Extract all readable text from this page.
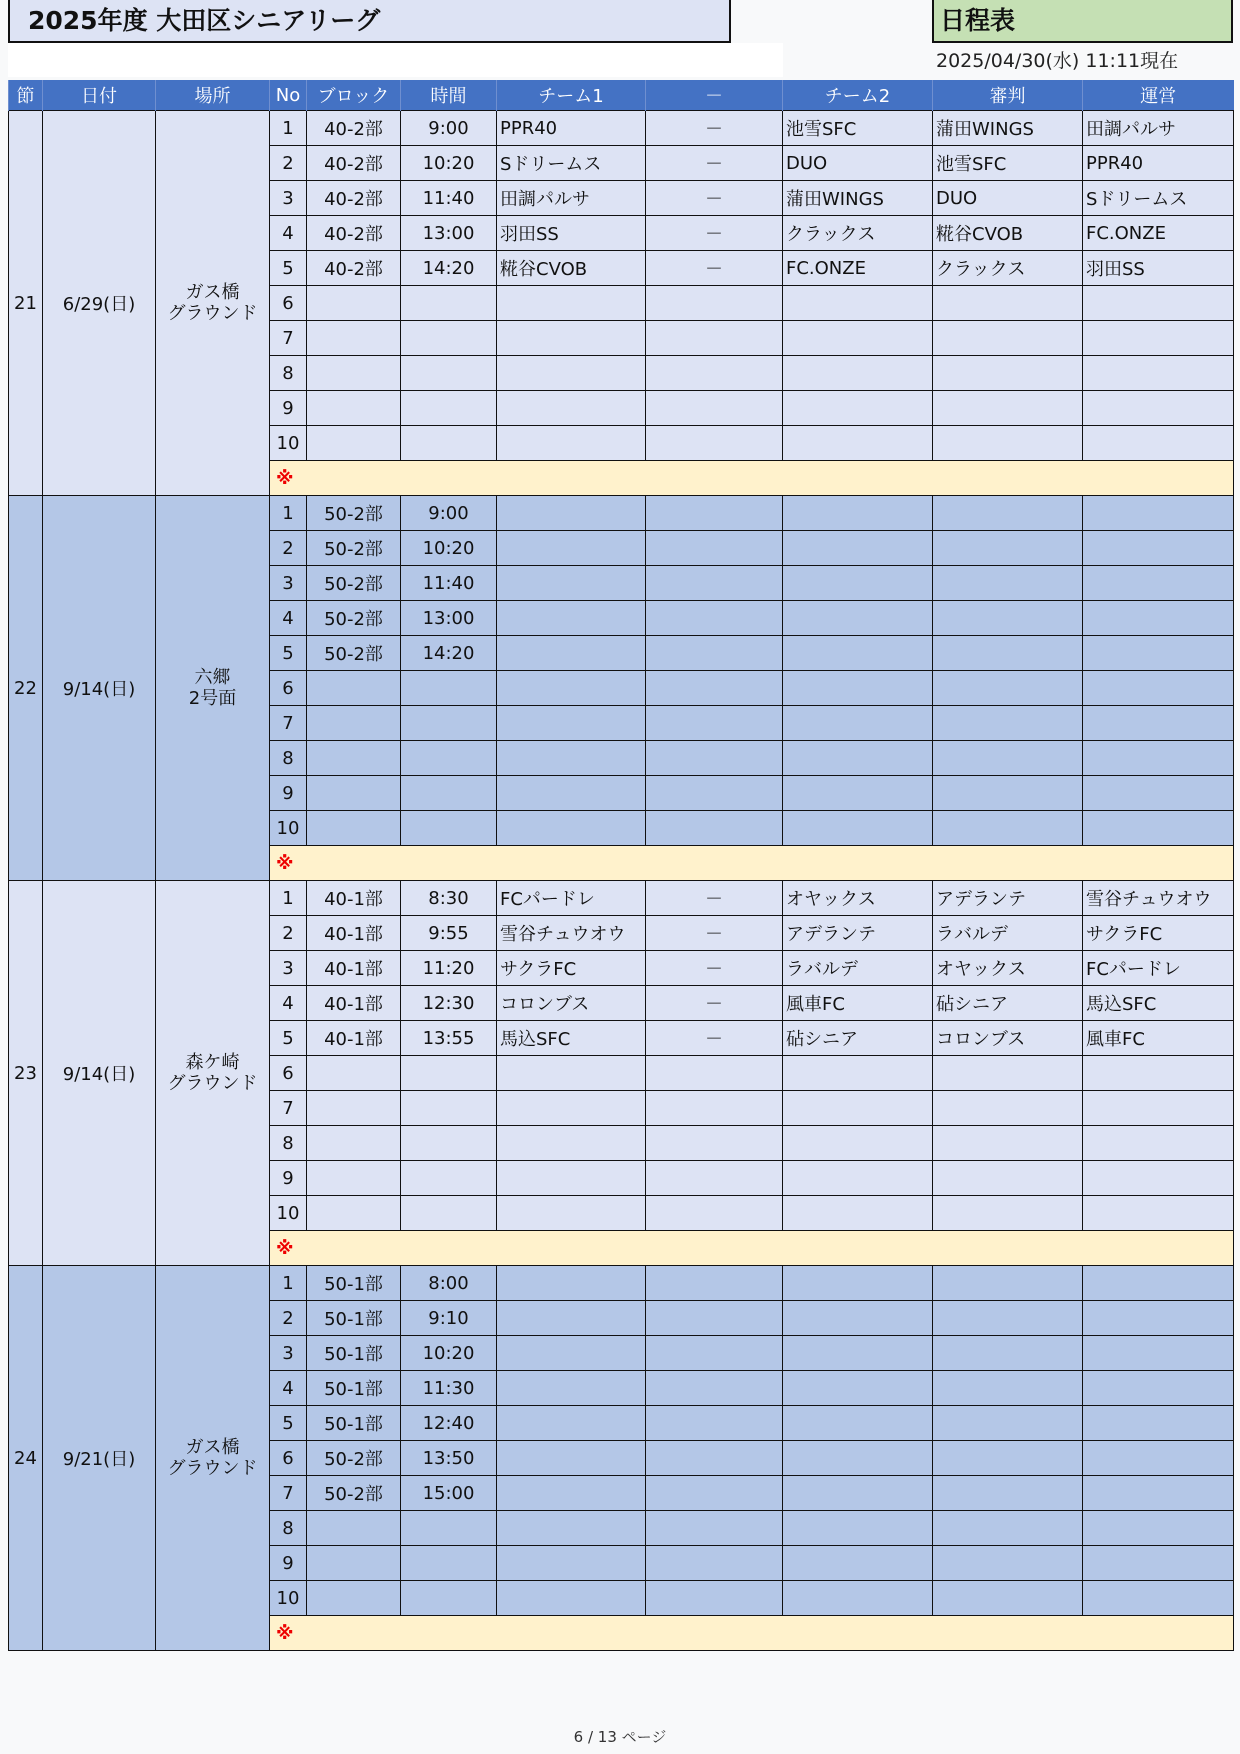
2025年度 大田区シニアリーグ	日程表
2025/04/30(水) 11:11現在
節	日付	場所	No	ブロック	時間	チーム1	－	チーム2	審判	運営
21	6/29(日)	ガス橋
グラウンド	1	40-2部	9:00	PPR40	－	池雪SFC	蒲田WINGS	田調パルサ
			2	40-2部	10:20	Sドリームス	－	DUO	池雪SFC	PPR40
			3	40-2部	11:40	田調パルサ	－	蒲田WINGS	DUO	Sドリームス
			4	40-2部	13:00	羽田SS	－	クラックス	糀谷CVOB	FC.ONZE
			5	40-2部	14:20	糀谷CVOB	－	FC.ONZE	クラックス	羽田SS
			6							
			7							
			8							
			9							
			10							
			※							
22	9/14(日)	六郷
2号面	1	50-2部	9:00					
			2	50-2部	10:20					
			3	50-2部	11:40					
			4	50-2部	13:00					
			5	50-2部	14:20					
			6							
			7							
			8							
			9							
			10							
			※							
23	9/14(日)	森ケ崎
グラウンド	1	40-1部	8:30	FCパードレ	－	オヤックス	アデランテ	雪谷チュウオウ
			2	40-1部	9:55	雪谷チュウオウ	－	アデランテ	ラバルデ	サクラFC
			3	40-1部	11:20	サクラFC	－	ラバルデ	オヤックス	FCパードレ
			4	40-1部	12:30	コロンブス	－	風車FC	砧シニア	馬込SFC
			5	40-1部	13:55	馬込SFC	－	砧シニア	コロンブス	風車FC
			6							
			7							
			8							
			9							
			10							
			※							
24	9/21(日)	ガス橋
グラウンド	1	50-1部	8:00					
			2	50-1部	9:10					
			3	50-1部	10:20					
			4	50-1部	11:30					
			5	50-1部	12:40					
			6	50-2部	13:50					
			7	50-2部	15:00					
			8							
			9							
			10							
			※							
6 / 13 ページ
